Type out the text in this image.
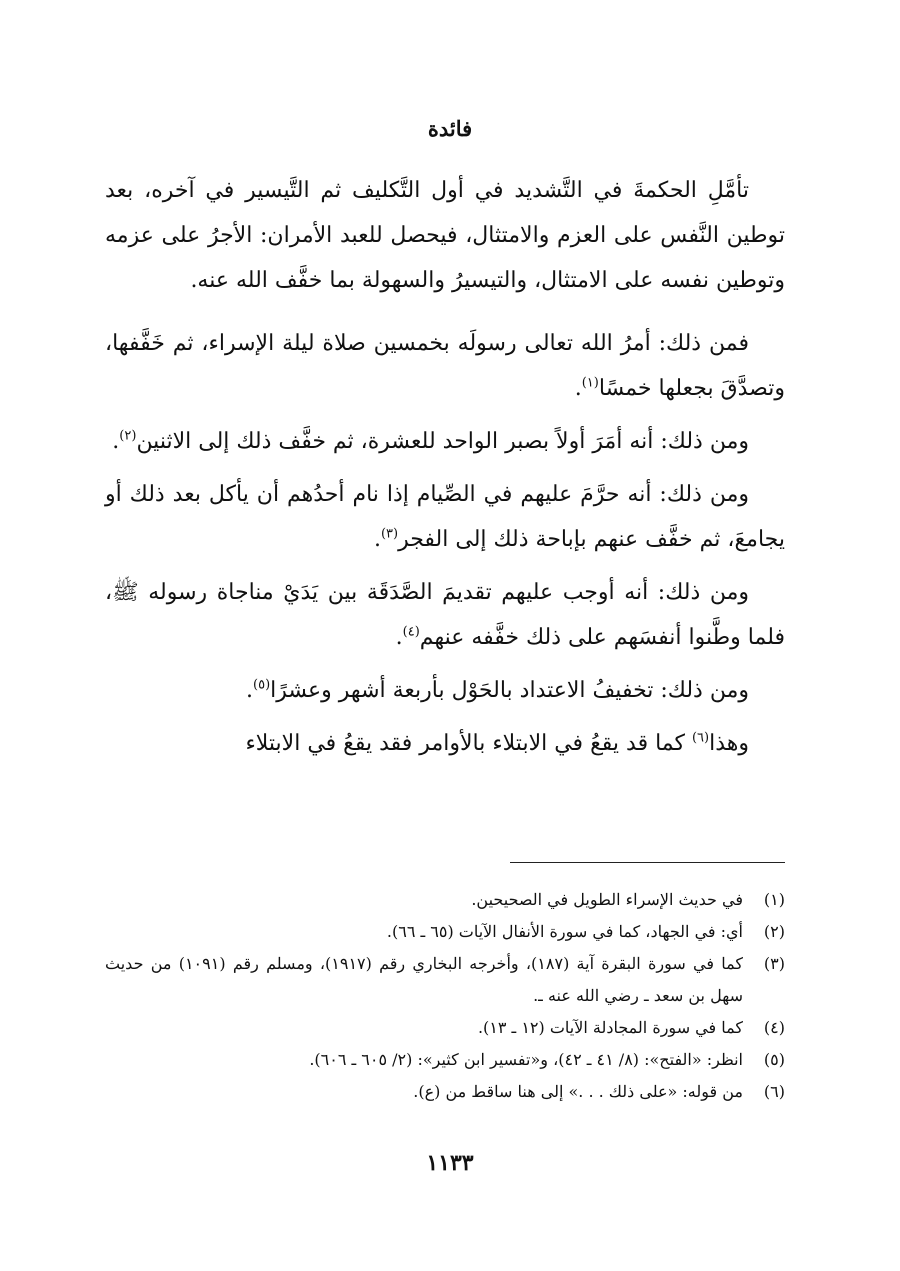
فائدة

تأمَّلِ الحكمةَ في التَّشديد في أول التَّكليف ثم التَّيسير في آخره، بعد توطين النَّفس على العزم والامتثال، فيحصل للعبد الأمران: الأجرُ على عزمه وتوطين نفسه على الامتثال، والتيسيرُ والسهولة بما خفَّف الله عنه.

فمن ذلك: أمرُ الله تعالى رسولَه بخمسين صلاة ليلة الإسراء، ثم خَفَّفها، وتصدَّقَ بجعلها خمسًا$^{(١)}$.

ومن ذلك: أنه أمَرَ أولاً بصبر الواحد للعشرة، ثم خفَّف ذلك إلى الاثنين$^{(٢)}$.

ومن ذلك: أنه حرَّمَ عليهم في الصِّيام إذا نام أحدُهم أن يأكل بعد ذلك أو يجامعَ، ثم خفَّف عنهم بإباحة ذلك إلى الفجر$^{(٣)}$.

ومن ذلك: أنه أوجب عليهم تقديمَ الصَّدَقَة بين يَدَيْ مناجاة رسوله ﷺ، فلما وطَّنوا أنفسَهم على ذلك خفَّفه عنهم$^{(٤)}$.

ومن ذلك: تخفيفُ الاعتداد بالحَوْل بأربعة أشهر وعشرًا$^{(٥)}$.

وهذا$^{(٦)}$ كما قد يقعُ في الابتلاء بالأوامر فقد يقعُ في الابتلاء

(١)
في حديث الإسراء الطويل في الصحيحين.
(٢)
أي: في الجهاد، كما في سورة الأنفال الآيات (٦٥ ـ ٦٦).
(٣)
كما في سورة البقرة آية (١٨٧)، وأخرجه البخاري رقم (١٩١٧)، ومسلم رقم (١٠٩١) من حديث سهل بن سعد ـ رضي الله عنه ـ.
(٤)
كما في سورة المجادلة الآيات (١٢ ـ ١٣).
(٥)
انظر: «الفتح»: (٨/ ٤١ ـ ٤٢)، و«تفسير ابن كثير»: (٢/ ٦٠٥ ـ ٦٠٦).
(٦)
من قوله: «على ذلك . . .» إلى هنا ساقط من (ع).
١١٣٣
